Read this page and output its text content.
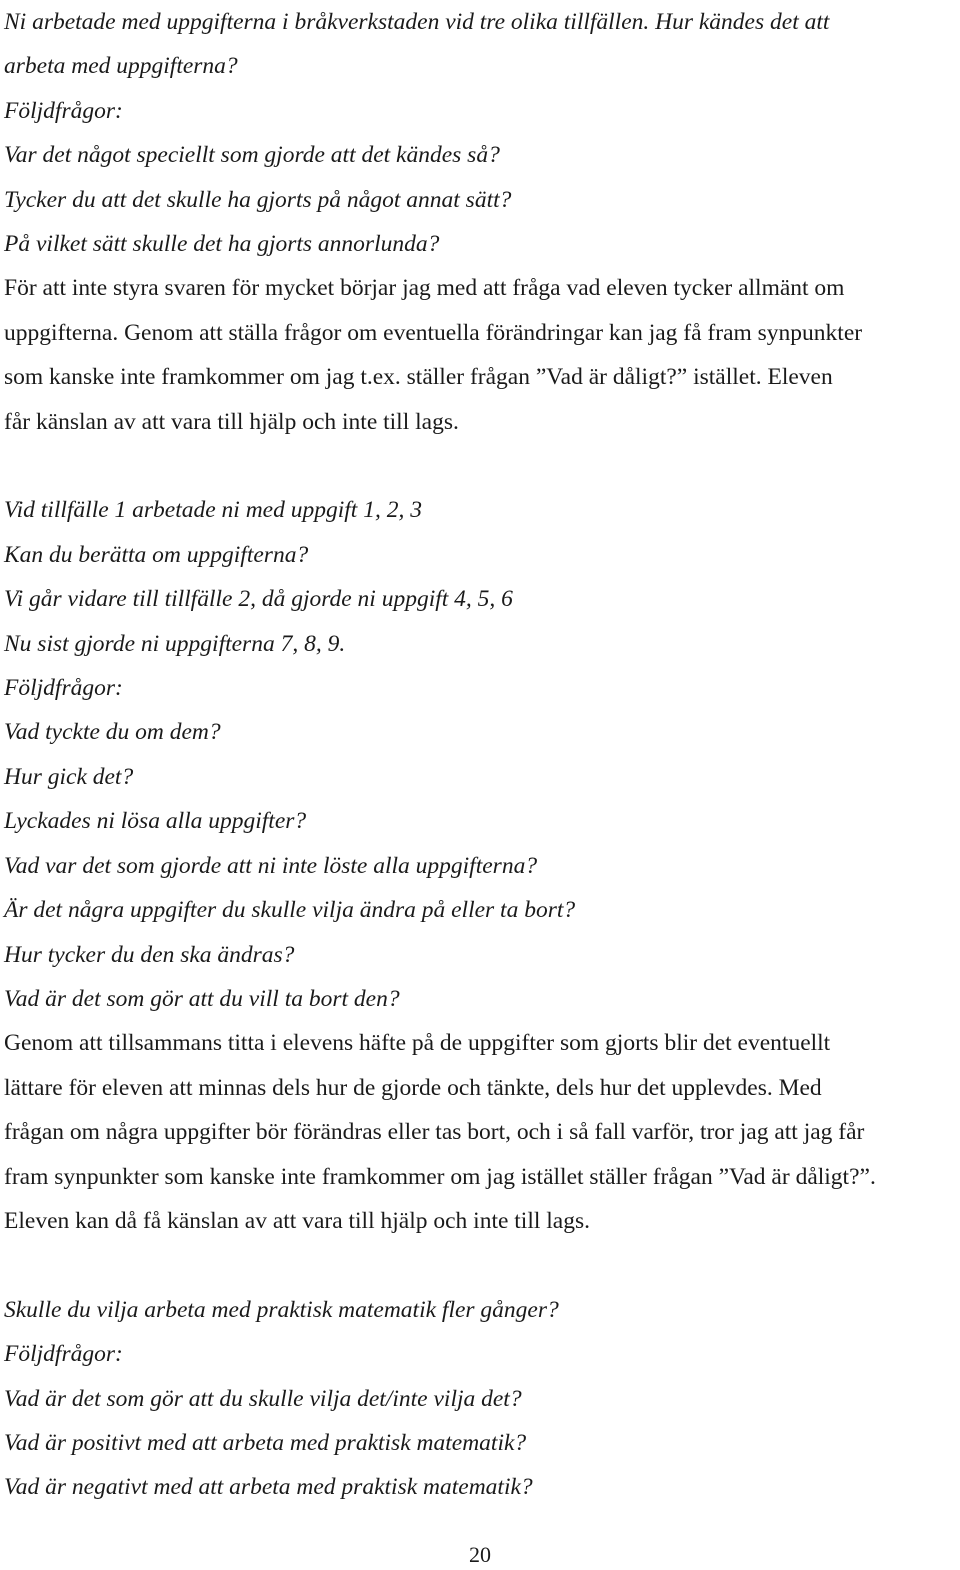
Ni arbetade med uppgifterna i bråkverkstaden vid tre olika tillfällen. Hur kändes det att

arbeta med uppgifterna?

Följdfrågor:

Var det något speciellt som gjorde att det kändes så?

Tycker du att det skulle ha gjorts på något annat sätt?

På vilket sätt skulle det ha gjorts annorlunda?

För att inte styra svaren för mycket börjar jag med att fråga vad eleven tycker allmänt om

uppgifterna. Genom att ställa frågor om eventuella förändringar kan jag få fram synpunkter

som kanske inte framkommer om jag t.ex. ställer frågan ”Vad är dåligt?” istället. Eleven

får känslan av att vara till hjälp och inte till lags.

Vid tillfälle 1 arbetade ni med uppgift 1, 2, 3

Kan du berätta om uppgifterna?

Vi går vidare till tillfälle 2, då gjorde ni uppgift 4, 5, 6

Nu sist gjorde ni uppgifterna 7, 8, 9.

Följdfrågor:

Vad tyckte du om dem?

Hur gick det?

Lyckades ni lösa alla uppgifter?

Vad var det som gjorde att ni inte löste alla uppgifterna?

Är det några uppgifter du skulle vilja ändra på eller ta bort?

Hur tycker du den ska ändras?

Vad är det som gör att du vill ta bort den?

Genom att tillsammans titta i elevens häfte på de uppgifter som gjorts blir det eventuellt

lättare för eleven att minnas dels hur de gjorde och tänkte, dels hur det upplevdes. Med

frågan om några uppgifter bör förändras eller tas bort, och i så fall varför, tror jag att jag får

fram synpunkter som kanske inte framkommer om jag istället ställer frågan ”Vad är dåligt?”.

Eleven kan då få känslan av att vara till hjälp och inte till lags.

Skulle du vilja arbeta med praktisk matematik fler gånger?

Följdfrågor:

Vad är det som gör att du skulle vilja det/inte vilja det?

Vad är positivt med att arbeta med praktisk matematik?

Vad är negativt med att arbeta med praktisk matematik?

20
